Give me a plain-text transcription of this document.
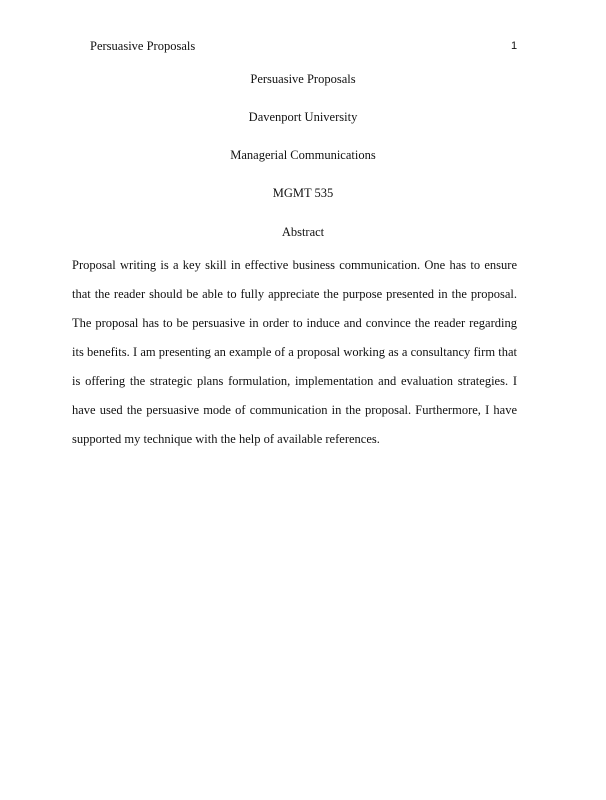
Persuasive Proposals	1
Persuasive Proposals
Davenport University
Managerial Communications
MGMT 535
Abstract

Proposal writing is a key skill in effective business communication. One has to ensure that the reader should be able to fully appreciate the purpose presented in the proposal. The proposal has to be persuasive in order to induce and convince the reader regarding its benefits. I am presenting an example of a proposal working as a consultancy firm that is offering the strategic plans formulation, implementation and evaluation strategies. I have used the persuasive mode of communication in the proposal. Furthermore, I have supported my technique with the help of available references.
